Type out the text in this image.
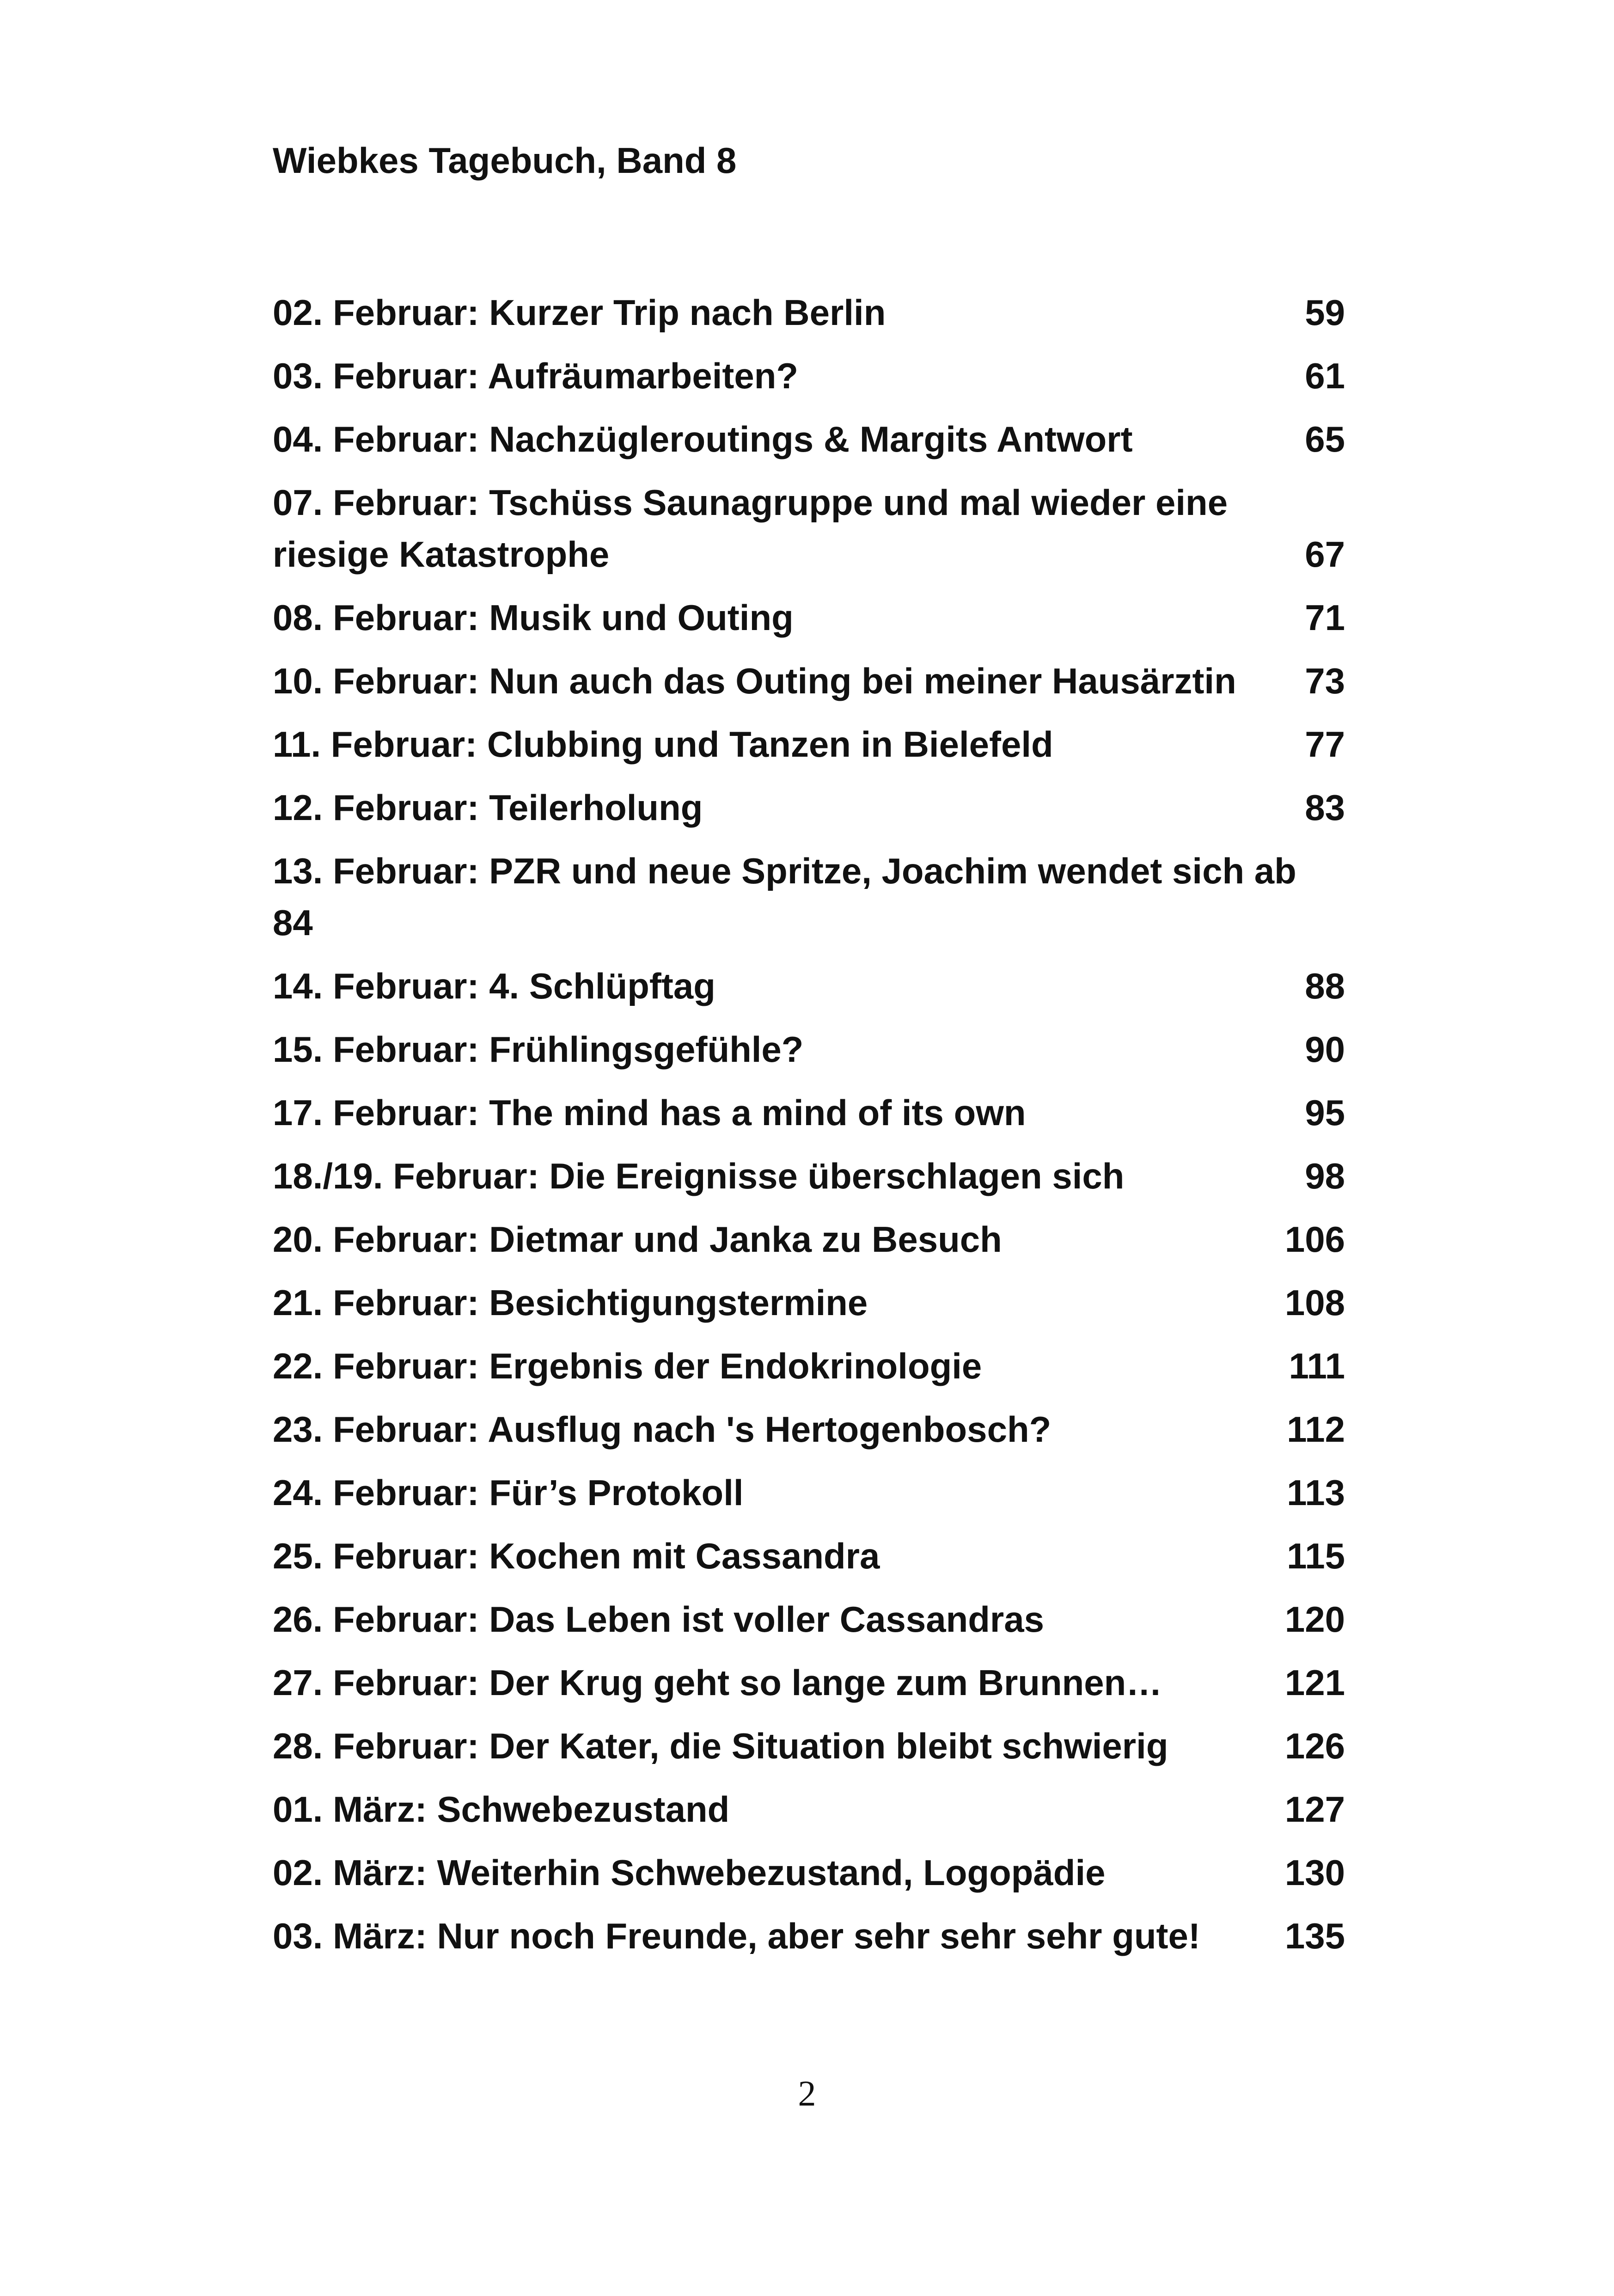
Wiebkes Tagebuch, Band 8
02. Februar: Kurzer Trip nach Berlin	59
03. Februar: Aufräumarbeiten?	61
04. Februar: Nachzügleroutings & Margits Antwort	65
07. Februar: Tschüss Saunagruppe und mal wieder eine riesige Katastrophe	67
08. Februar: Musik und Outing	71
10. Februar: Nun auch das Outing bei meiner Hausärztin	73
11. Februar: Clubbing und Tanzen in Bielefeld	77
12. Februar: Teilerholung	83
13. Februar: PZR und neue Spritze, Joachim wendet sich ab 84
14. Februar: 4. Schlüpftag	88
15. Februar: Frühlingsgefühle?	90
17. Februar: The mind has a mind of its own	95
18./19. Februar: Die Ereignisse überschlagen sich	98
20. Februar: Dietmar und Janka zu Besuch	106
21. Februar: Besichtigungstermine	108
22. Februar: Ergebnis der Endokrinologie	111
23. Februar: Ausflug nach 's Hertogenbosch?	112
24. Februar: Für’s Protokoll	113
25. Februar: Kochen mit Cassandra	115
26. Februar: Das Leben ist voller Cassandras	120
27. Februar: Der Krug geht so lange zum Brunnen…	121
28. Februar: Der Kater, die Situation bleibt schwierig	126
01. März: Schwebezustand	127
02. März: Weiterhin Schwebezustand, Logopädie	130
03. März: Nur noch Freunde, aber sehr sehr sehr gute!	135
2
